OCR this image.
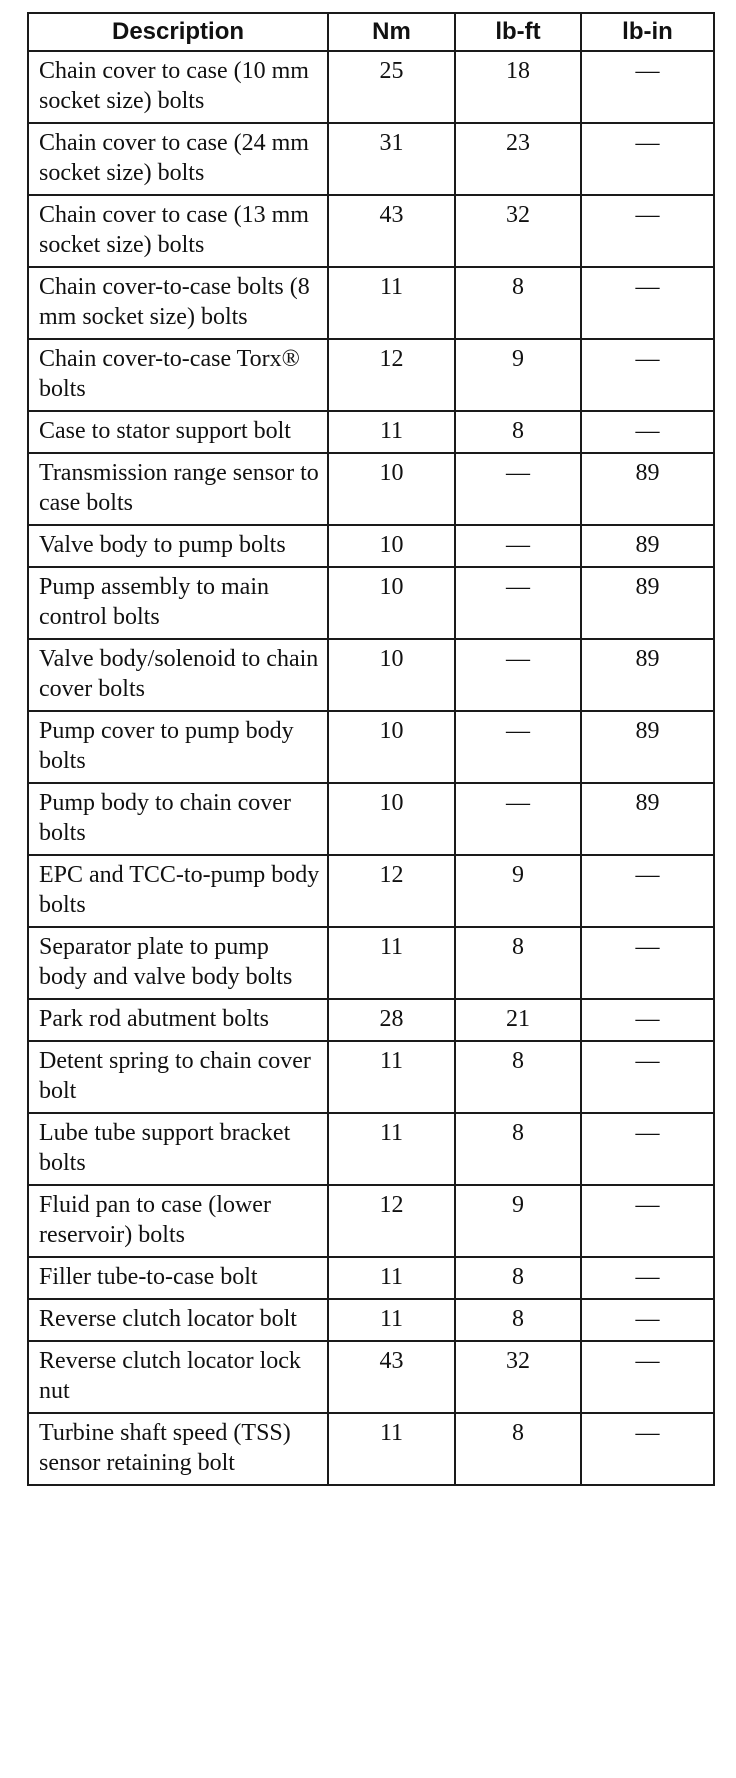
Description	Nm	lb-ft	lb-in
Chain cover to case (10 mm socket size) bolts	25	18	—
Chain cover to case (24 mm socket size) bolts	31	23	—
Chain cover to case (13 mm socket size) bolts	43	32	—
Chain cover-to-case bolts (8 mm socket size) bolts	11	8	—
Chain cover-to-case Torx® bolts	12	9	—
Case to stator support bolt	11	8	—
Transmission range sensor to case bolts	10	—	89
Valve body to pump bolts	10	—	89
Pump assembly to main control bolts	10	—	89
Valve body/solenoid to chain cover bolts	10	—	89
Pump cover to pump body bolts	10	—	89
Pump body to chain cover bolts	10	—	89
EPC and TCC-to-pump body bolts	12	9	—
Separator plate to pump body and valve body bolts	11	8	—
Park rod abutment bolts	28	21	—
Detent spring to chain cover bolt	11	8	—
Lube tube support bracket bolts	11	8	—
Fluid pan to case (lower reservoir) bolts	12	9	—
Filler tube-to-case bolt	11	8	—
Reverse clutch locator bolt	11	8	—
Reverse clutch locator lock nut	43	32	—
Turbine shaft speed (TSS) sensor retaining bolt	11	8	—
